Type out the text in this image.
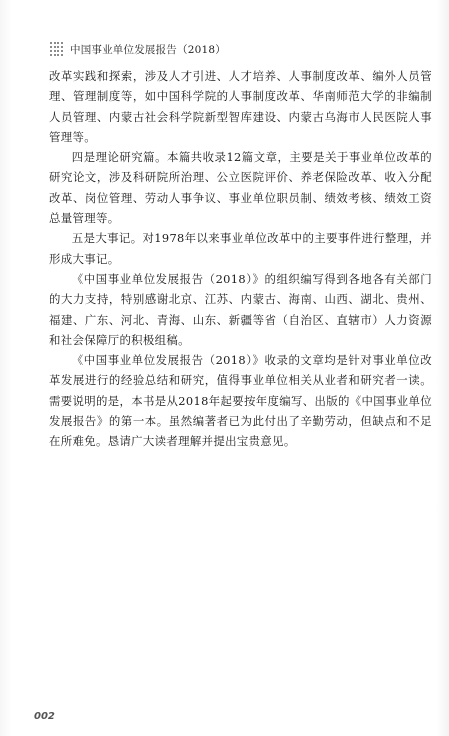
中国事业单位发展报告（2018）

改革实践和探索，涉及人才引进、人才培养、人事制度改革、编外人员管理、管理制度等，如中国科学院的人事制度改革、华南师范大学的非编制人员管理、内蒙古社会科学院新型智库建设、内蒙古乌海市人民医院人事管理等。

四是理论研究篇。本篇共收录12篇文章，主要是关于事业单位改革的研究论文，涉及科研院所治理、公立医院评价、养老保险改革、收入分配改革、岗位管理、劳动人事争议、事业单位职员制、绩效考核、绩效工资总量管理等。

五是大事记。对1978年以来事业单位改革中的主要事件进行整理，并形成大事记。

《中国事业单位发展报告（2018）》的组织编写得到各地各有关部门的大力支持，特别感谢北京、江苏、内蒙古、海南、山西、湖北、贵州、福建、广东、河北、青海、山东、新疆等省（自治区、直辖市）人力资源和社会保障厅的积极组稿。

《中国事业单位发展报告（2018）》收录的文章均是针对事业单位改革发展进行的经验总结和研究，值得事业单位相关从业者和研究者一读。需要说明的是，本书是从2018年起要按年度编写、出版的《中国事业单位发展报告》的第一本。虽然编著者已为此付出了辛勤劳动，但缺点和不足在所难免。恳请广大读者理解并提出宝贵意见。

002
